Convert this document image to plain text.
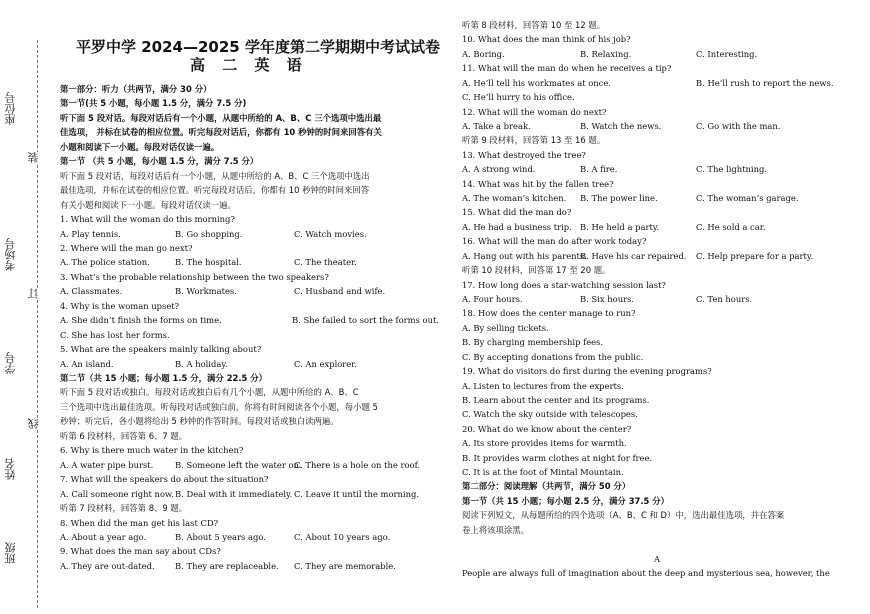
座位号
考场号
学号
姓名
班级
装
订
线
平罗中学 2024—2025 学年度第二学期期中考试试卷
高 二 英 语
第一部分：听力（共两节，满分 30 分）
第一节(共 5 小题，每小题 1.5 分，满分 7.5 分)
听下面 5 段对话。每段对话后有一个小题，从题中所给的 A、B、C 三个选项中选出最
佳选项， 并标在试卷的相应位置。听完每段对话后，你都有 10 秒钟的时间来回答有关
小题和阅读下一小题。每段对话仅读一遍。
第一节 （共 5 小题，每小题 1.5 分，满分 7.5 分）
听下面 5 段对话，每段对话后有一个小题，从题中所给的 A、B、C 三个选项中选出
最佳选项，并标在试卷的相应位置。听完每段对话后，你都有 10 秒钟的时间来回答
有关小题和阅读下一小题。每段对话仅读一遍。
1. What will the woman do this morning?
A. Play tennis.	B. Go shopping.	C. Watch movies.
2. Where will the man go next?
A. The police station.	B. The hospital.	C. The theater.
3. What’s the probable relationship between the two speakers?
A. Classmates.	B. Workmates.	C. Husband and wife.
4. Why is the woman upset?
A. She didn’t finish the forms on time.	B. She failed to sort the forms out.
C. She has lost her forms.
5. What are the speakers mainly talking about?
A. An island.	B. A holiday.	C. An explorer.
第二节（共 15 小题；每小题 1.5 分，满分 22.5 分）
听下面 5 段对话或独白。每段对话或独白后有几个小题，从题中所给的 A、B、C
三个选项中选出最佳选项。听每段对话或独白前，你将有时间阅读各个小题，每小题 5
秒钟；听完后，各小题将给出 5 秒钟的作答时间。每段对话或独白读两遍。
听第 6 段材料，回答第 6、7 题。
6. Why is there much water in the kitchen?
A. A water pipe burst.	B. Someone left the water on.
C. There is a hole on the roof.
7. What will the speakers do about the situation?
A. Call someone right now. B. Deal with it immediately. C. Leave it until the morning.
听第 7 段材料，回答第 8、9 题。
8. When did the man get his last CD?
A. About a year ago.	B. About 5 years ago.	C. About 10 years ago.
9. What does the man say about CDs?
A. They are out-dated. B. They are replaceable. C. They are memorable.
听第 8 段材料，回答第 10 至 12 题。
10. What does the man think of his job?
A. Boring.	B. Relaxing.	C. Interesting.
11. What will the man do when he receives a tip?
A. He’ll tell his workmates at once.	B. He’ll rush to report the news.
C. He’ll hurry to his office.
12. What will the woman do next?
A. Take a break.	B. Watch the news.	C. Go with the man.
听第 9 段材料，回答第 13 至 16 题。
13. What destroyed the tree?
A. A strong wind.	B. A fire.	C. The lightning.
14. What was hit by the fallen tree?
A. The woman’s kitchen. B. The power line.	C. The woman’s garage.
15. What did the man do?
A. He had a business trip. B. He held a party.	C. He sold a car.
16. What will the man do after work today?
A. Hang out with his parents.
B. Have his car repaired. C. Help prepare for a party.
听第 10 段材料，回答第 17 至 20 题。
17. How long does a star-watching session last?
A. Four hours.	B. Six hours.	C. Ten hours.
18. How does the center manage to run?
A. By selling tickets.
B. By charging membership fees.
C. By accepting donations from the public.
19. What do visitors do first during the evening programs?
A. Listen to lectures from the experts.
B. Learn about the center and its programs.
C. Watch the sky outside with telescopes.
20. What do we know about the center?
A. Its store provides items for warmth.
B. It provides warm clothes at night for free.
C. It is at the foot of Mintal Mountain.
第二部分：阅读理解（共两节，满分 50 分）
第一节（共 15 小题；每小题 2.5 分，满分 37.5 分）
阅读下列短文，从每题所给的四个选项（A、B、C 和 D）中，选出最佳选项，并在答案
卷上将该项涂黑。
A
People are always full of imagination about the deep and mysterious sea, however, the
